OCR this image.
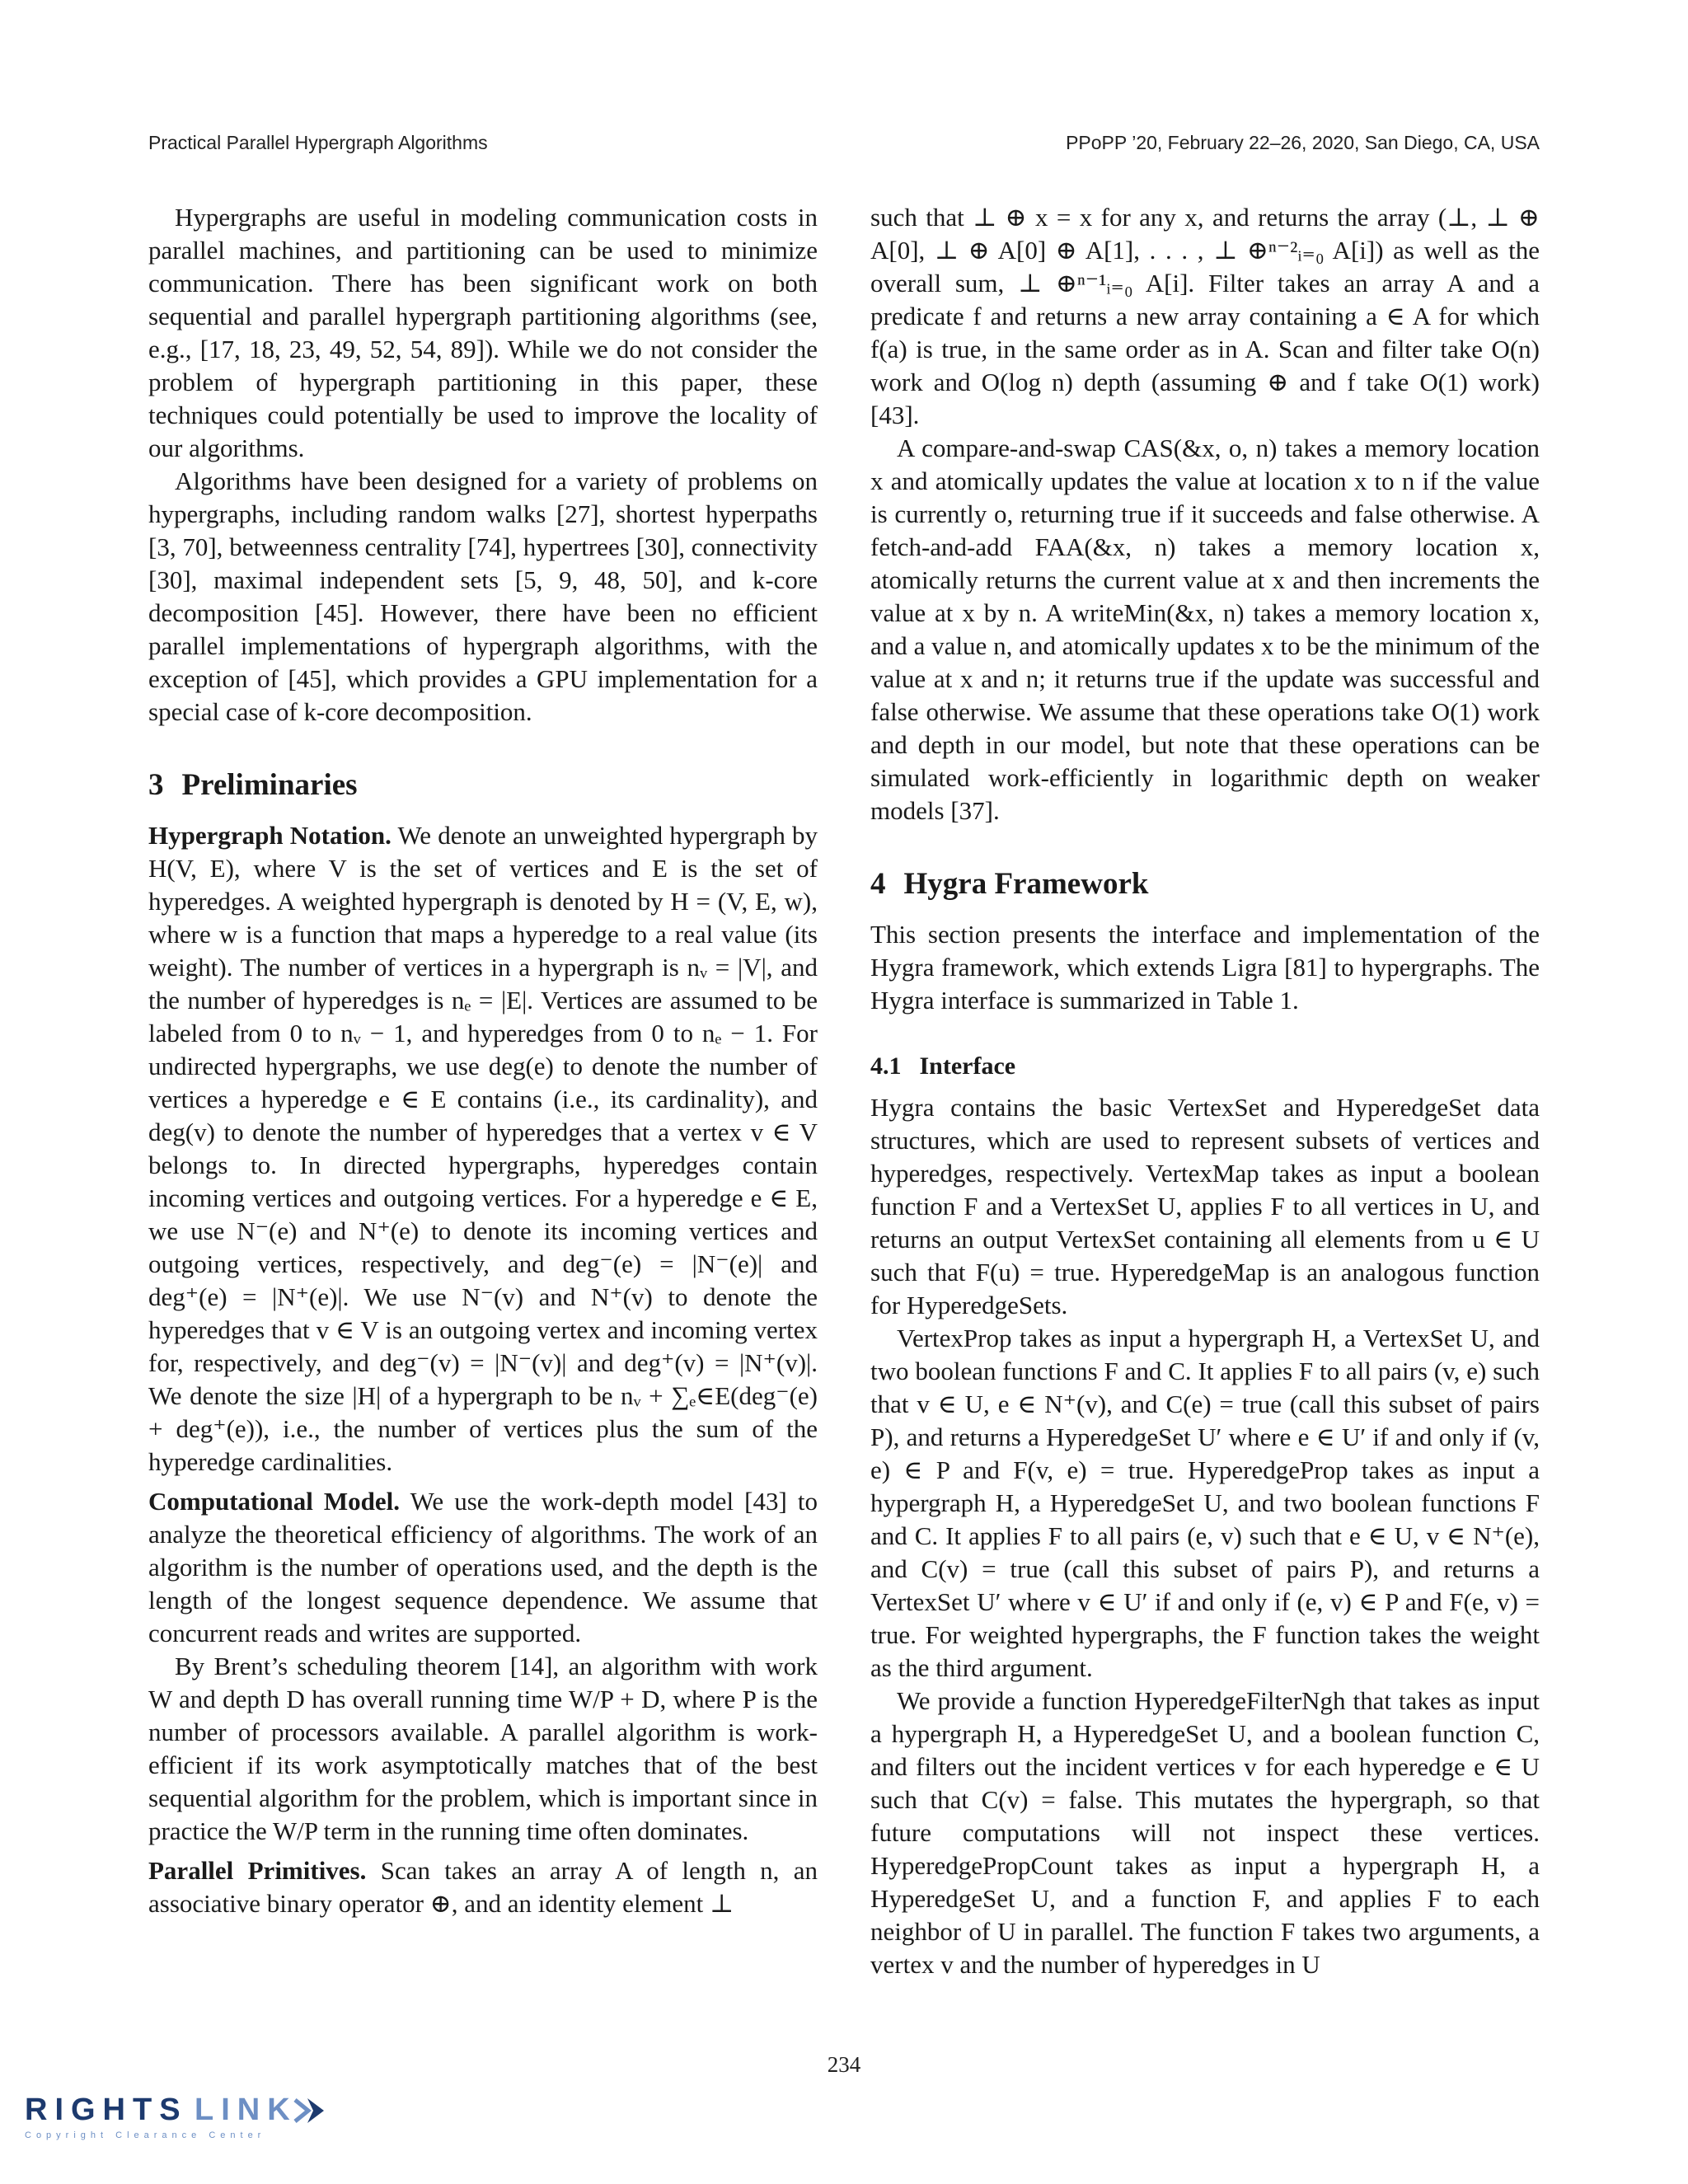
Practical Parallel Hypergraph Algorithms	PPoPP ’20, February 22–26, 2020, San Diego, CA, USA

Hypergraphs are useful in modeling communication costs in parallel machines, and partitioning can be used to minimize communication. There has been significant work on both sequential and parallel hypergraph partitioning algorithms (see, e.g., [17, 18, 23, 49, 52, 54, 89]). While we do not consider the problem of hypergraph partitioning in this paper, these techniques could potentially be used to improve the locality of our algorithms.

Algorithms have been designed for a variety of problems on hypergraphs, including random walks [27], shortest hyperpaths [3, 70], betweenness centrality [74], hypertrees [30], connectivity [30], maximal independent sets [5, 9, 48, 50], and k-core decomposition [45]. However, there have been no efficient parallel implementations of hypergraph algorithms, with the exception of [45], which provides a GPU implementation for a special case of k-core decomposition.

3 Preliminaries

Hypergraph Notation. We denote an unweighted hypergraph by H(V, E), where V is the set of vertices and E is the set of hyperedges. A weighted hypergraph is denoted by H = (V, E, w), where w is a function that maps a hyperedge to a real value (its weight). The number of vertices in a hypergraph is nᵥ = |V|, and the number of hyperedges is nₑ = |E|. Vertices are assumed to be labeled from 0 to nᵥ − 1, and hyperedges from 0 to nₑ − 1. For undirected hypergraphs, we use deg(e) to denote the number of vertices a hyperedge e ∈ E contains (i.e., its cardinality), and deg(v) to denote the number of hyperedges that a vertex v ∈ V belongs to. In directed hypergraphs, hyperedges contain incoming vertices and outgoing vertices. For a hyperedge e ∈ E, we use N⁻(e) and N⁺(e) to denote its incoming vertices and outgoing vertices, respectively, and deg⁻(e) = |N⁻(e)| and deg⁺(e) = |N⁺(e)|. We use N⁻(v) and N⁺(v) to denote the hyperedges that v ∈ V is an outgoing vertex and incoming vertex for, respectively, and deg⁻(v) = |N⁻(v)| and deg⁺(v) = |N⁺(v)|. We denote the size |H| of a hypergraph to be nᵥ + ∑ₑ∈E(deg⁻(e) + deg⁺(e)), i.e., the number of vertices plus the sum of the hyperedge cardinalities.

Computational Model. We use the work-depth model [43] to analyze the theoretical efficiency of algorithms. The work of an algorithm is the number of operations used, and the depth is the length of the longest sequence dependence. We assume that concurrent reads and writes are supported.

By Brent’s scheduling theorem [14], an algorithm with work W and depth D has overall running time W/P + D, where P is the number of processors available. A parallel algorithm is work-efficient if its work asymptotically matches that of the best sequential algorithm for the problem, which is important since in practice the W/P term in the running time often dominates.

Parallel Primitives. Scan takes an array A of length n, an associative binary operator ⊕, and an identity element ⊥

such that ⊥ ⊕ x = x for any x, and returns the array (⊥, ⊥ ⊕ A[0], ⊥ ⊕ A[0] ⊕ A[1], . . . , ⊥ ⊕ⁿ⁻²ᵢ₌₀ A[i]) as well as the overall sum, ⊥ ⊕ⁿ⁻¹ᵢ₌₀ A[i]. Filter takes an array A and a predicate f and returns a new array containing a ∈ A for which f(a) is true, in the same order as in A. Scan and filter take O(n) work and O(log n) depth (assuming ⊕ and f take O(1) work) [43].

A compare-and-swap CAS(&x, o, n) takes a memory location x and atomically updates the value at location x to n if the value is currently o, returning true if it succeeds and false otherwise. A fetch-and-add FAA(&x, n) takes a memory location x, atomically returns the current value at x and then increments the value at x by n. A writeMin(&x, n) takes a memory location x, and a value n, and atomically updates x to be the minimum of the value at x and n; it returns true if the update was successful and false otherwise. We assume that these operations take O(1) work and depth in our model, but note that these operations can be simulated work-efficiently in logarithmic depth on weaker models [37].

4 Hygra Framework

This section presents the interface and implementation of the Hygra framework, which extends Ligra [81] to hypergraphs. The Hygra interface is summarized in Table 1.

4.1 Interface

Hygra contains the basic VertexSet and HyperedgeSet data structures, which are used to represent subsets of vertices and hyperedges, respectively. VertexMap takes as input a boolean function F and a VertexSet U, applies F to all vertices in U, and returns an output VertexSet containing all elements from u ∈ U such that F(u) = true. HyperedgeMap is an analogous function for HyperedgeSets.

VertexProp takes as input a hypergraph H, a VertexSet U, and two boolean functions F and C. It applies F to all pairs (v, e) such that v ∈ U, e ∈ N⁺(v), and C(e) = true (call this subset of pairs P), and returns a HyperedgeSet U′ where e ∈ U′ if and only if (v, e) ∈ P and F(v, e) = true. HyperedgeProp takes as input a hypergraph H, a HyperedgeSet U, and two boolean functions F and C. It applies F to all pairs (e, v) such that e ∈ U, v ∈ N⁺(e), and C(v) = true (call this subset of pairs P), and returns a VertexSet U′ where v ∈ U′ if and only if (e, v) ∈ P and F(e, v) = true. For weighted hypergraphs, the F function takes the weight as the third argument.

We provide a function HyperedgeFilterNgh that takes as input a hypergraph H, a HyperedgeSet U, and a boolean function C, and filters out the incident vertices v for each hyperedge e ∈ U such that C(v) = false. This mutates the hypergraph, so that future computations will not inspect these vertices. HyperedgePropCount takes as input a hypergraph H, a HyperedgeSet U, and a function F, and applies F to each neighbor of U in parallel. The function F takes two arguments, a vertex v and the number of hyperedges in U

234
RIGHTS LINK
Copyright Clearance Center
